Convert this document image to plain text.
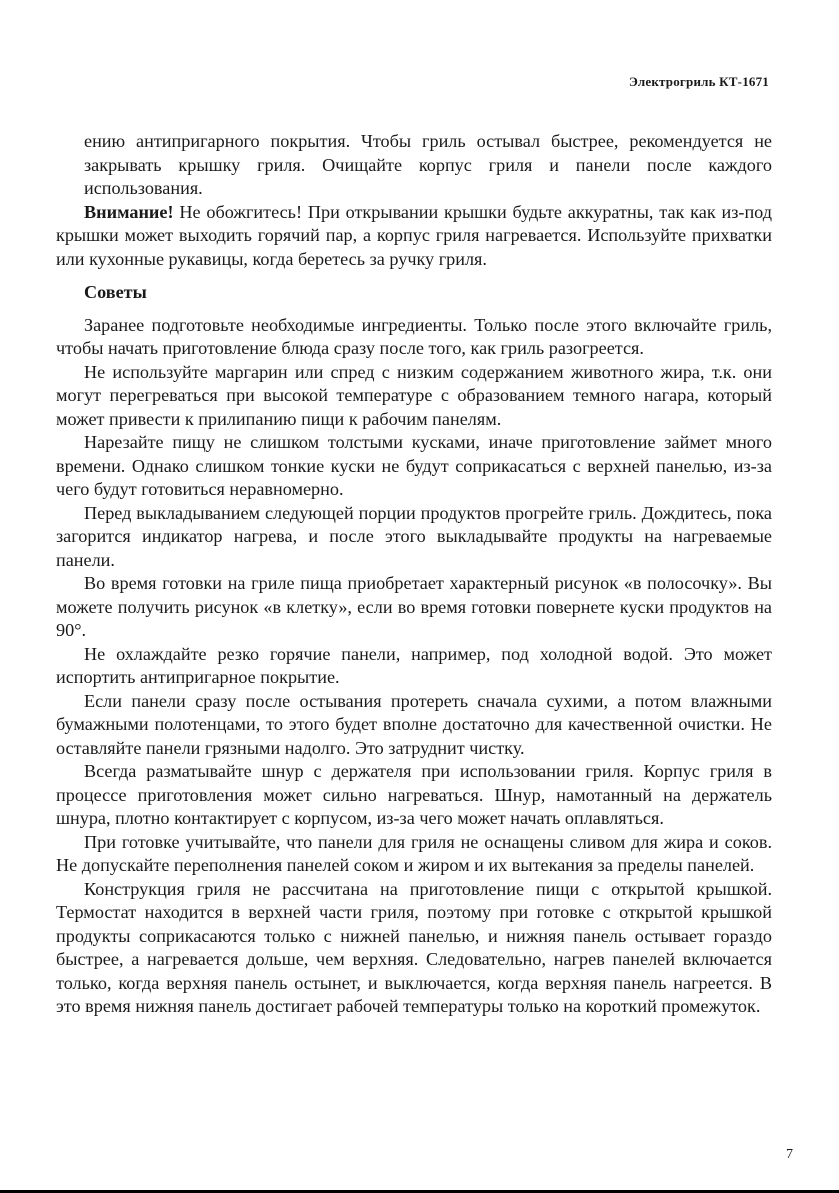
Электрогриль КТ-1671

ению антипригарного покрытия. Чтобы гриль остывал быстрее, рекомендуется не закрывать крышку гриля. Очищайте корпус гриля и панели после каждого использования.

Внимание! Не обожгитесь! При открывании крышки будьте аккуратны, так как из-под крышки может выходить горячий пар, а корпус гриля нагревается. Используйте прихватки или кухонные рукавицы, когда беретесь за ручку гриля.

Советы

Заранее подготовьте необходимые ингредиенты. Только после этого включайте гриль, чтобы начать приготовление блюда сразу после того, как гриль разогреется.

Не используйте маргарин или спред с низким содержанием животного жира, т.к. они могут перегреваться при высокой температуре с образованием темного нагара, который может привести к прилипанию пищи к рабочим панелям.

Нарезайте пищу не слишком толстыми кусками, иначе приготовление займет много времени. Однако слишком тонкие куски не будут соприкасаться с верхней панелью, из-за чего будут готовиться неравномерно.

Перед выкладыванием следующей порции продуктов прогрейте гриль. Дождитесь, пока загорится индикатор нагрева, и после этого выкладывайте продукты на нагреваемые панели.

Во время готовки на гриле пища приобретает характерный рисунок «в полосочку». Вы можете получить рисунок «в клетку», если во время готовки повернете куски продуктов на 90°.

Не охлаждайте резко горячие панели, например, под холодной водой. Это может испортить антипригарное покрытие.

Если панели сразу после остывания протереть сначала сухими, а потом влажными бумажными полотенцами, то этого будет вполне достаточно для качественной очистки. Не оставляйте панели грязными надолго. Это затруднит чистку.

Всегда разматывайте шнур с держателя при использовании гриля. Корпус гриля в процессе приготовления может сильно нагреваться. Шнур, намотанный на держатель шнура, плотно контактирует с корпусом, из-за чего может начать оплавляться.

При готовке учитывайте, что панели для гриля не оснащены сливом для жира и соков. Не допускайте переполнения панелей соком и жиром и их вытекания за пределы панелей.

Конструкция гриля не рассчитана на приготовление пищи с открытой крышкой. Термостат находится в верхней части гриля, поэтому при готовке с открытой крышкой продукты соприкасаются только с нижней панелью, и нижняя панель остывает гораздо быстрее, а нагревается дольше, чем верхняя. Следовательно, нагрев панелей включается только, когда верхняя панель остынет, и выключается, когда верхняя панель нагреется. В это время нижняя панель достигает рабочей температуры только на короткий промежуток.

7
